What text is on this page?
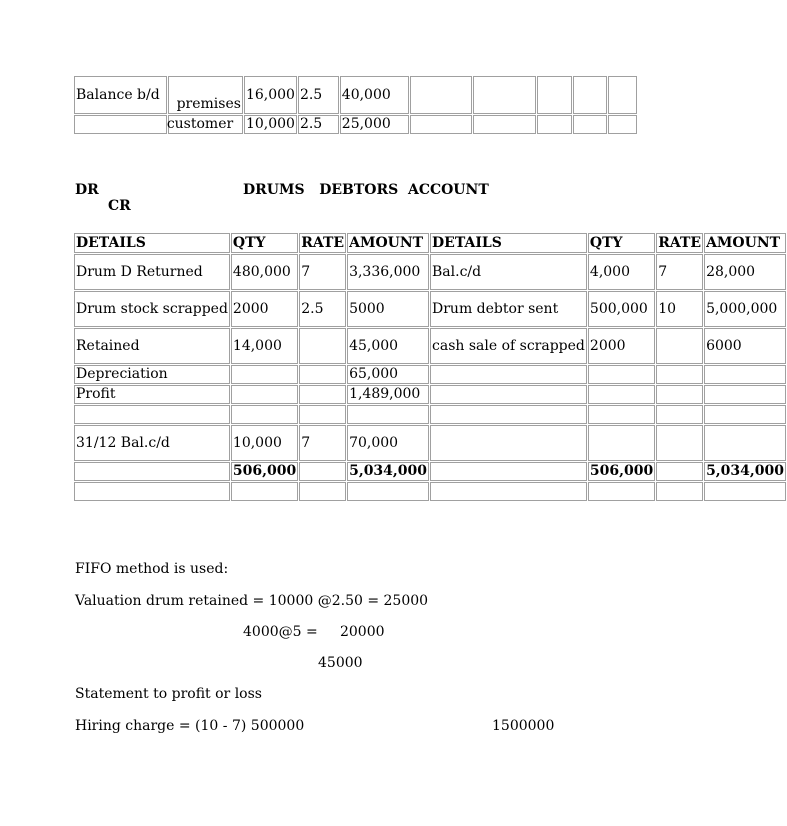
Balance b/d	premises	16,000	2.5	40,000					
	customer	10,000	2.5	25,000					
DR
CR
DRUMS   DEBTORS  ACCOUNT
DETAILS	QTY	RATE	AMOUNT	DETAILS	QTY	RATE	AMOUNT
Drum D Returned	480,000	7	3,336,000	Bal.c/d	4,000	7	28,000
Drum stock scrapped	2000	2.5	5000	Drum debtor sent	500,000	10	5,000,000
Retained	14,000		45,000	cash sale of scrapped	2000		6000
Depreciation			65,000				
Profit			1,489,000				

31/12 Bal.c/d	10,000	7	70,000				
	506,000		5,034,000		506,000		5,034,000

FIFO method is used:
Valuation drum retained = 10000 @2.50 = 25000
4000@5 =     20000
45000
Statement to profit or loss
Hiring charge = (10 - 7) 500000	1500000
